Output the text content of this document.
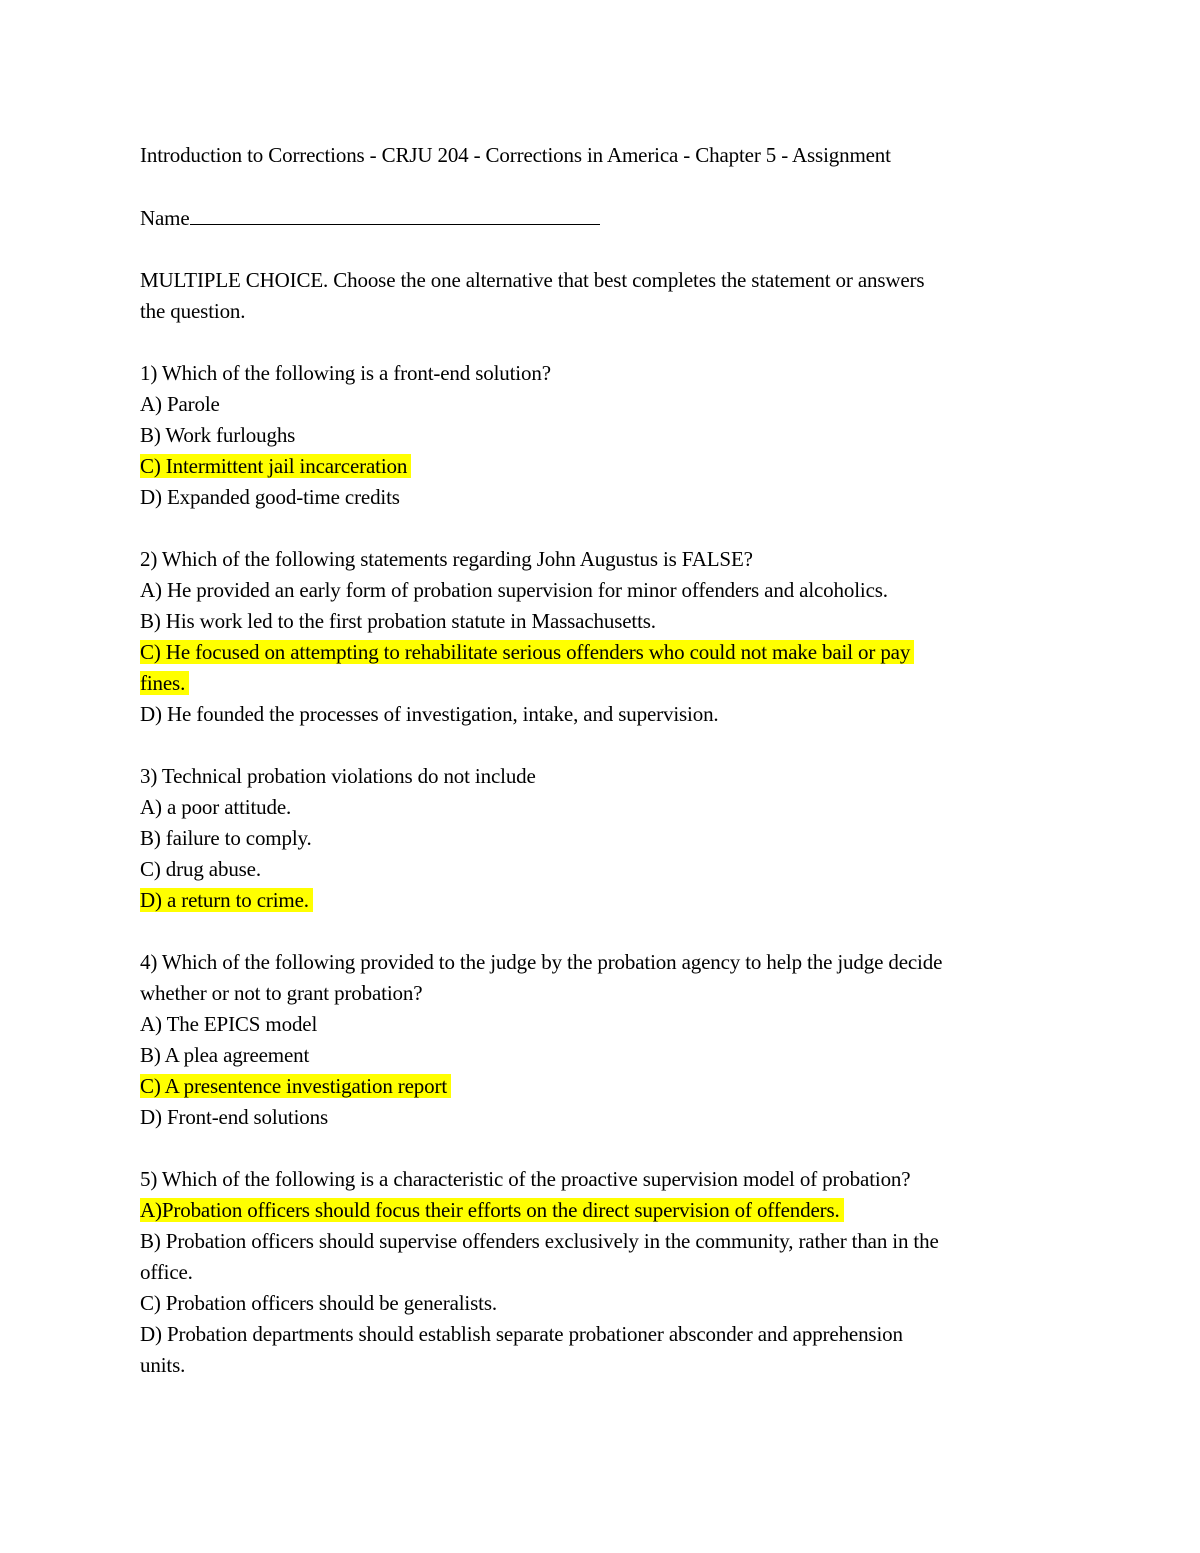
Introduction to Corrections - CRJU 204 - Corrections in America - Chapter 5 - Assignment
Name
MULTIPLE CHOICE. Choose the one alternative that best completes the statement or answers
the question.
1) Which of the following is a front-end solution?
A) Parole
B) Work furloughs
C) Intermittent jail incarceration
D) Expanded good-time credits
2) Which of the following statements regarding John Augustus is FALSE?
A) He provided an early form of probation supervision for minor offenders and alcoholics.
B) His work led to the first probation statute in Massachusetts.
C) He focused on attempting to rehabilitate serious offenders who could not make bail or pay
fines.
D) He founded the processes of investigation, intake, and supervision.
3) Technical probation violations do not include
A) a poor attitude.
B) failure to comply.
C) drug abuse.
D) a return to crime.
4) Which of the following provided to the judge by the probation agency to help the judge decide
whether or not to grant probation?
A) The EPICS model
B) A plea agreement
C) A presentence investigation report
D) Front-end solutions
5) Which of the following is a characteristic of the proactive supervision model of probation?
A)Probation officers should focus their efforts on the direct supervision of offenders.
B) Probation officers should supervise offenders exclusively in the community, rather than in the
office.
C) Probation officers should be generalists.
D) Probation departments should establish separate probationer absconder and apprehension
units.
